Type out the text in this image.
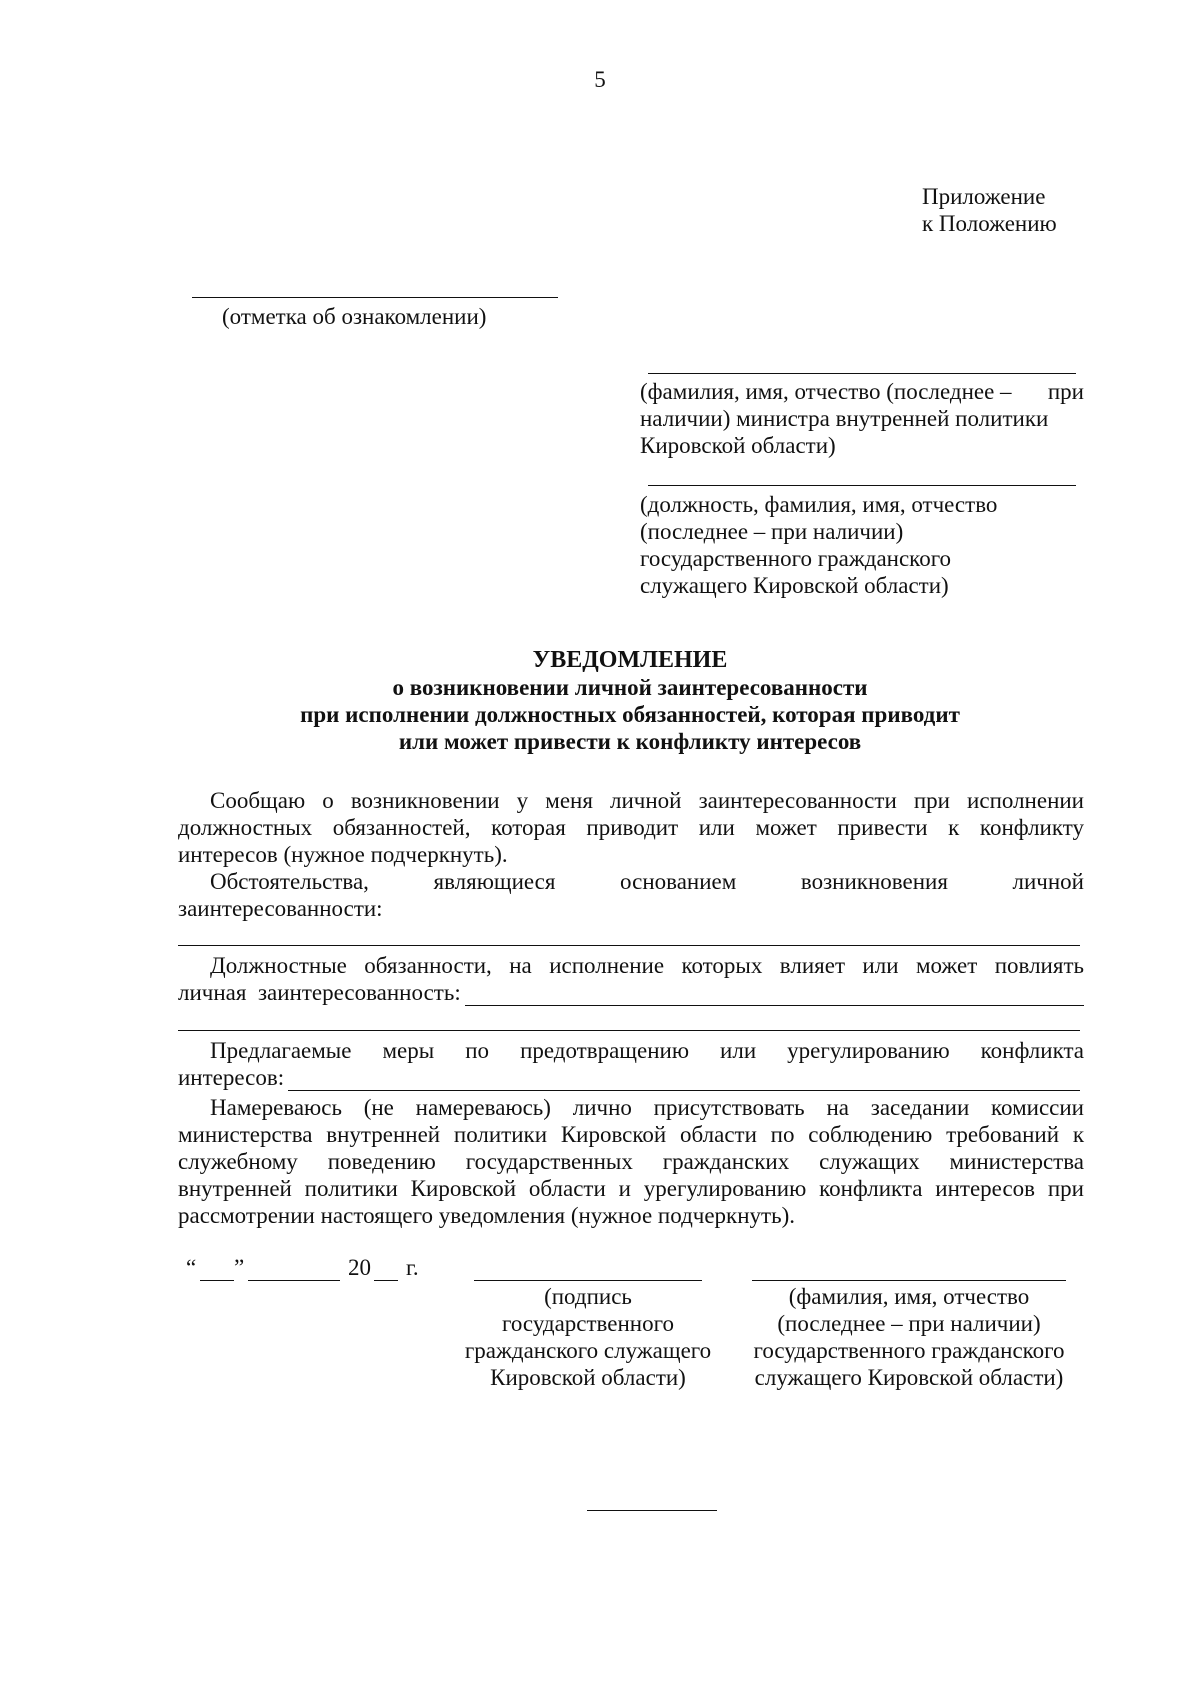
5
Приложение
к Положению
(отметка об ознакомлении)
(фамилия, имя, отчество (последнее – при
наличии) министра внутренней политики
Кировской области)
(должность, фамилия, имя, отчество
(последнее – при наличии)
государственного гражданского
служащего Кировской области)
УВЕДОМЛЕНИЕ
о возникновении личной заинтересованности
при исполнении должностных обязанностей, которая приводит
или может привести к конфликту интересов
Сообщаю о возникновении у меня личной заинтересованности при исполнении
должностных обязанностей, которая приводит или может привести к конфликту
интересов (нужное подчеркнуть).
Обстоятельства,	являющиеся	основанием	возникновения	личной
заинтересованности:
Должностные обязанности, на исполнение которых влияет или может повлиять
личная  заинтересованность:
Предлагаемые меры по предотвращению или урегулированию конфликта
интересов:
Намереваюсь (не намереваюсь) лично присутствовать на заседании комиссии
министерства внутренней политики Кировской области по соблюдению требований к
служебному поведению государственных гражданских служащих министерства
внутренней политики Кировской области и урегулированию конфликта интересов при
рассмотрении настоящего уведомления (нужное подчеркнуть).
“ ”	20 г.
(подпись
государственного
гражданского служащего
Кировской области)
(фамилия, имя, отчество
(последнее – при наличии)
государственного гражданского
служащего Кировской области)
